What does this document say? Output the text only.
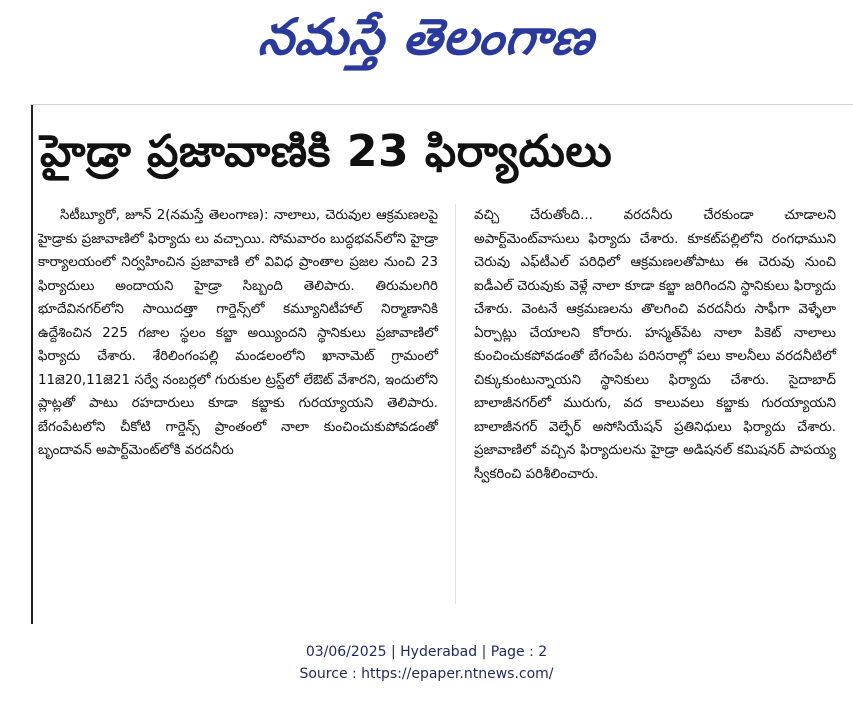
నమస్తే తెలంగాణ
హైడ్రా ప్రజావాణికి 23 ఫిర్యాదులు

సిటీబ్యూరో, జూన్ 2(నమస్తే తెలంగాణ): నాలాలు, చెరువుల ఆక్రమణలపై హైడ్రాకు ప్రజావాణిలో ఫిర్యాదు లు వచ్చాయి. సోమవారం బుద్ధభవన్‌లోని హైడ్రా కార్యాలయంలో నిర్వహించిన ప్రజావాణి లో వివిధ ప్రాంతాల ప్రజల నుంచి 23 ఫిర్యాదులు అందాయని హైడ్రా సిబ్బంది తెలిపారు. తిరుమలగిరి భూదేవినగర్‌లోని సాయిదత్తా గార్డెన్స్‌లో కమ్యూనిటీహాల్ నిర్మాణానికి ఉద్దేశించిన 225 గజాల స్థలం కబ్జా అయ్యిందని స్థానికులు ప్రజావాణిలో ఫిర్యాదు చేశారు. శేరిలింగంపల్లి మండలంలోని ఖానామెట్ గ్రామంలో 11జె20,11జె21 సర్వే నంబర్లలో గురుకుల ట్రస్ట్‌లో లేఔట్ వేశారని, ఇందులోని ప్లాట్లతో పాటు రహదారులు కూడా కబ్జాకు గురయ్యాయని తెలిపారు. బేగంపేటలోని చీకోటి గార్డెన్స్ ప్రాంతంలో నాలా కుంచించుకుపోవడంతో బృందావన్ అపార్ట్‌మెంట్‌లోకి వరదనీరు

వచ్చి చేరుతోంది... వరదనీరు చేరకుండా చూడాలని అపార్ట్‌మెంట్‌వాసులు ఫిర్యాదు చేశారు. కూకట్‌పల్లిలోని రంగధాముని చెరువు ఎఫ్‌టీఎల్ పరిధిలో ఆక్రమణలతోపాటు ఈ చెరువు నుంచి ఐడీఎల్ చెరువుకు వెళ్లే నాలా కూడా కబ్జా జరిగిందని స్థానికులు ఫిర్యాదు చేశారు. వెంటనే ఆక్రమణలను తొలగించి వరదనీరు సాఫీగా వెళ్ళేలా ఏర్పాట్లు చేయాలని కోరారు. హస్మత్‌పేట నాలా పికెట్ నాలాలు కుంచించుకపోవడంతో బేగంపేట పరిసరాల్లో పలు కాలనీలు వరదనీటిలో చిక్కుకుంటున్నాయని స్థానికులు ఫిర్యాదు చేశారు. సైదాబాద్ బాలాజీనగర్‌లో మురుగు, వద కాలువలు కబ్జాకు గురయ్యాయని బాలాజీనగర్ వెల్ఫేర్ అసోసియేషన్ ప్రతినిధులు ఫిర్యాదు చేశారు. ప్రజావాణిలో వచ్చిన ఫిర్యాదులను హైడ్రా అడిషనల్ కమిషనర్ పాపయ్య స్వీకరించి పరిశీలించారు.

03/06/2025 | Hyderabad | Page : 2
Source : https://epaper.ntnews.com/
